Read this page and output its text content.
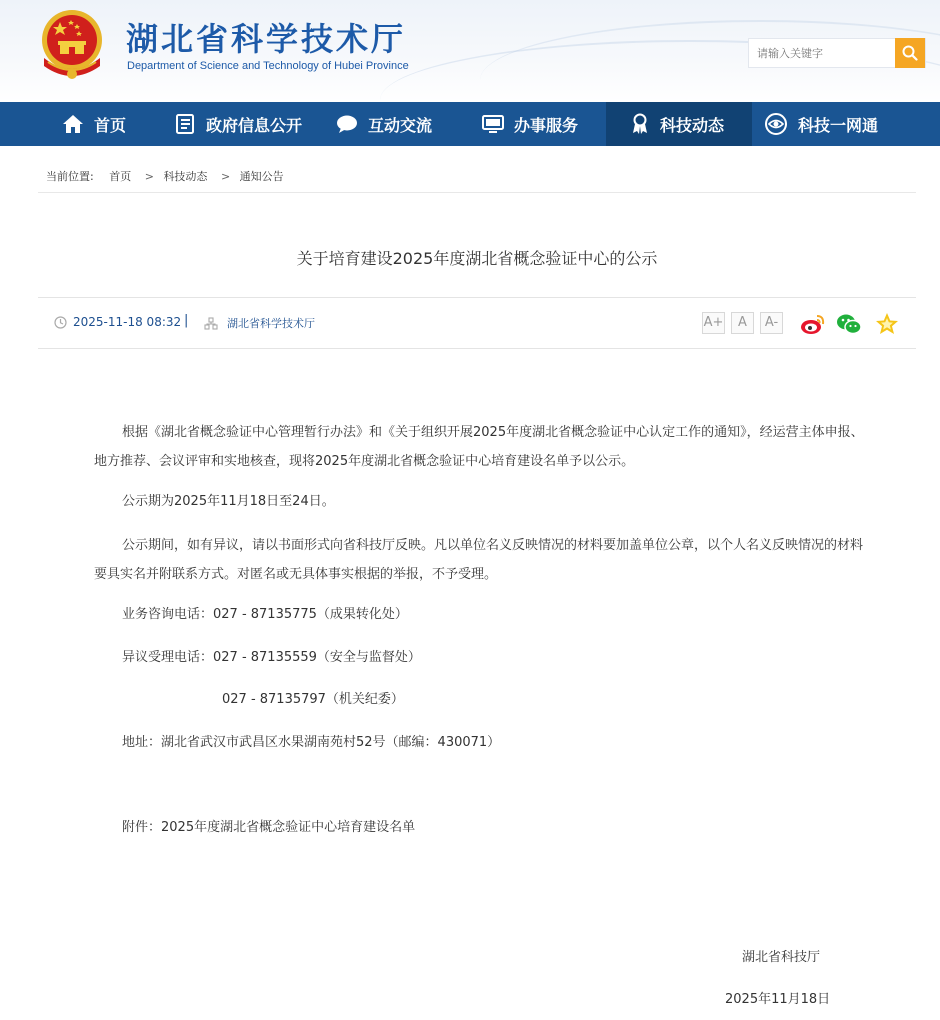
湖北省科学技术厅
Department of Science and Technology of Hubei Province
请输入关键字
首页	政府信息公开	互动交流	办事服务	科技动态	科技一网通
当前位置: 首页 > 科技动态 > 通知公告
关于培育建设2025年度湖北省概念验证中心的公示
2025-11-18 08:32 |	湖北省科学技术厅	A+	A	A-

根据《湖北省概念验证中心管理暂行办法》和《关于组织开展2025年度湖北省概念验证中心认定工作的通知》，经运营主体申报、地方推荐、会议评审和实地核查，现将2025年度湖北省概念验证中心培育建设名单予以公示。

公示期为2025年11月18日至24日。

公示期间，如有异议，请以书面形式向省科技厅反映。凡以单位名义反映情况的材料要加盖单位公章，以个人名义反映情况的材料要具实名并附联系方式。对匿名或无具体事实根据的举报，不予受理。

业务咨询电话：027 - 87135775（成果转化处）

异议受理电话：027 - 87135559（安全与监督处）

027 - 87135797（机关纪委）

地址：湖北省武汉市武昌区水果湖南苑村52号（邮编：430071）

附件：2025年度湖北省概念验证中心培育建设名单

湖北省科技厅
2025年11月18日
